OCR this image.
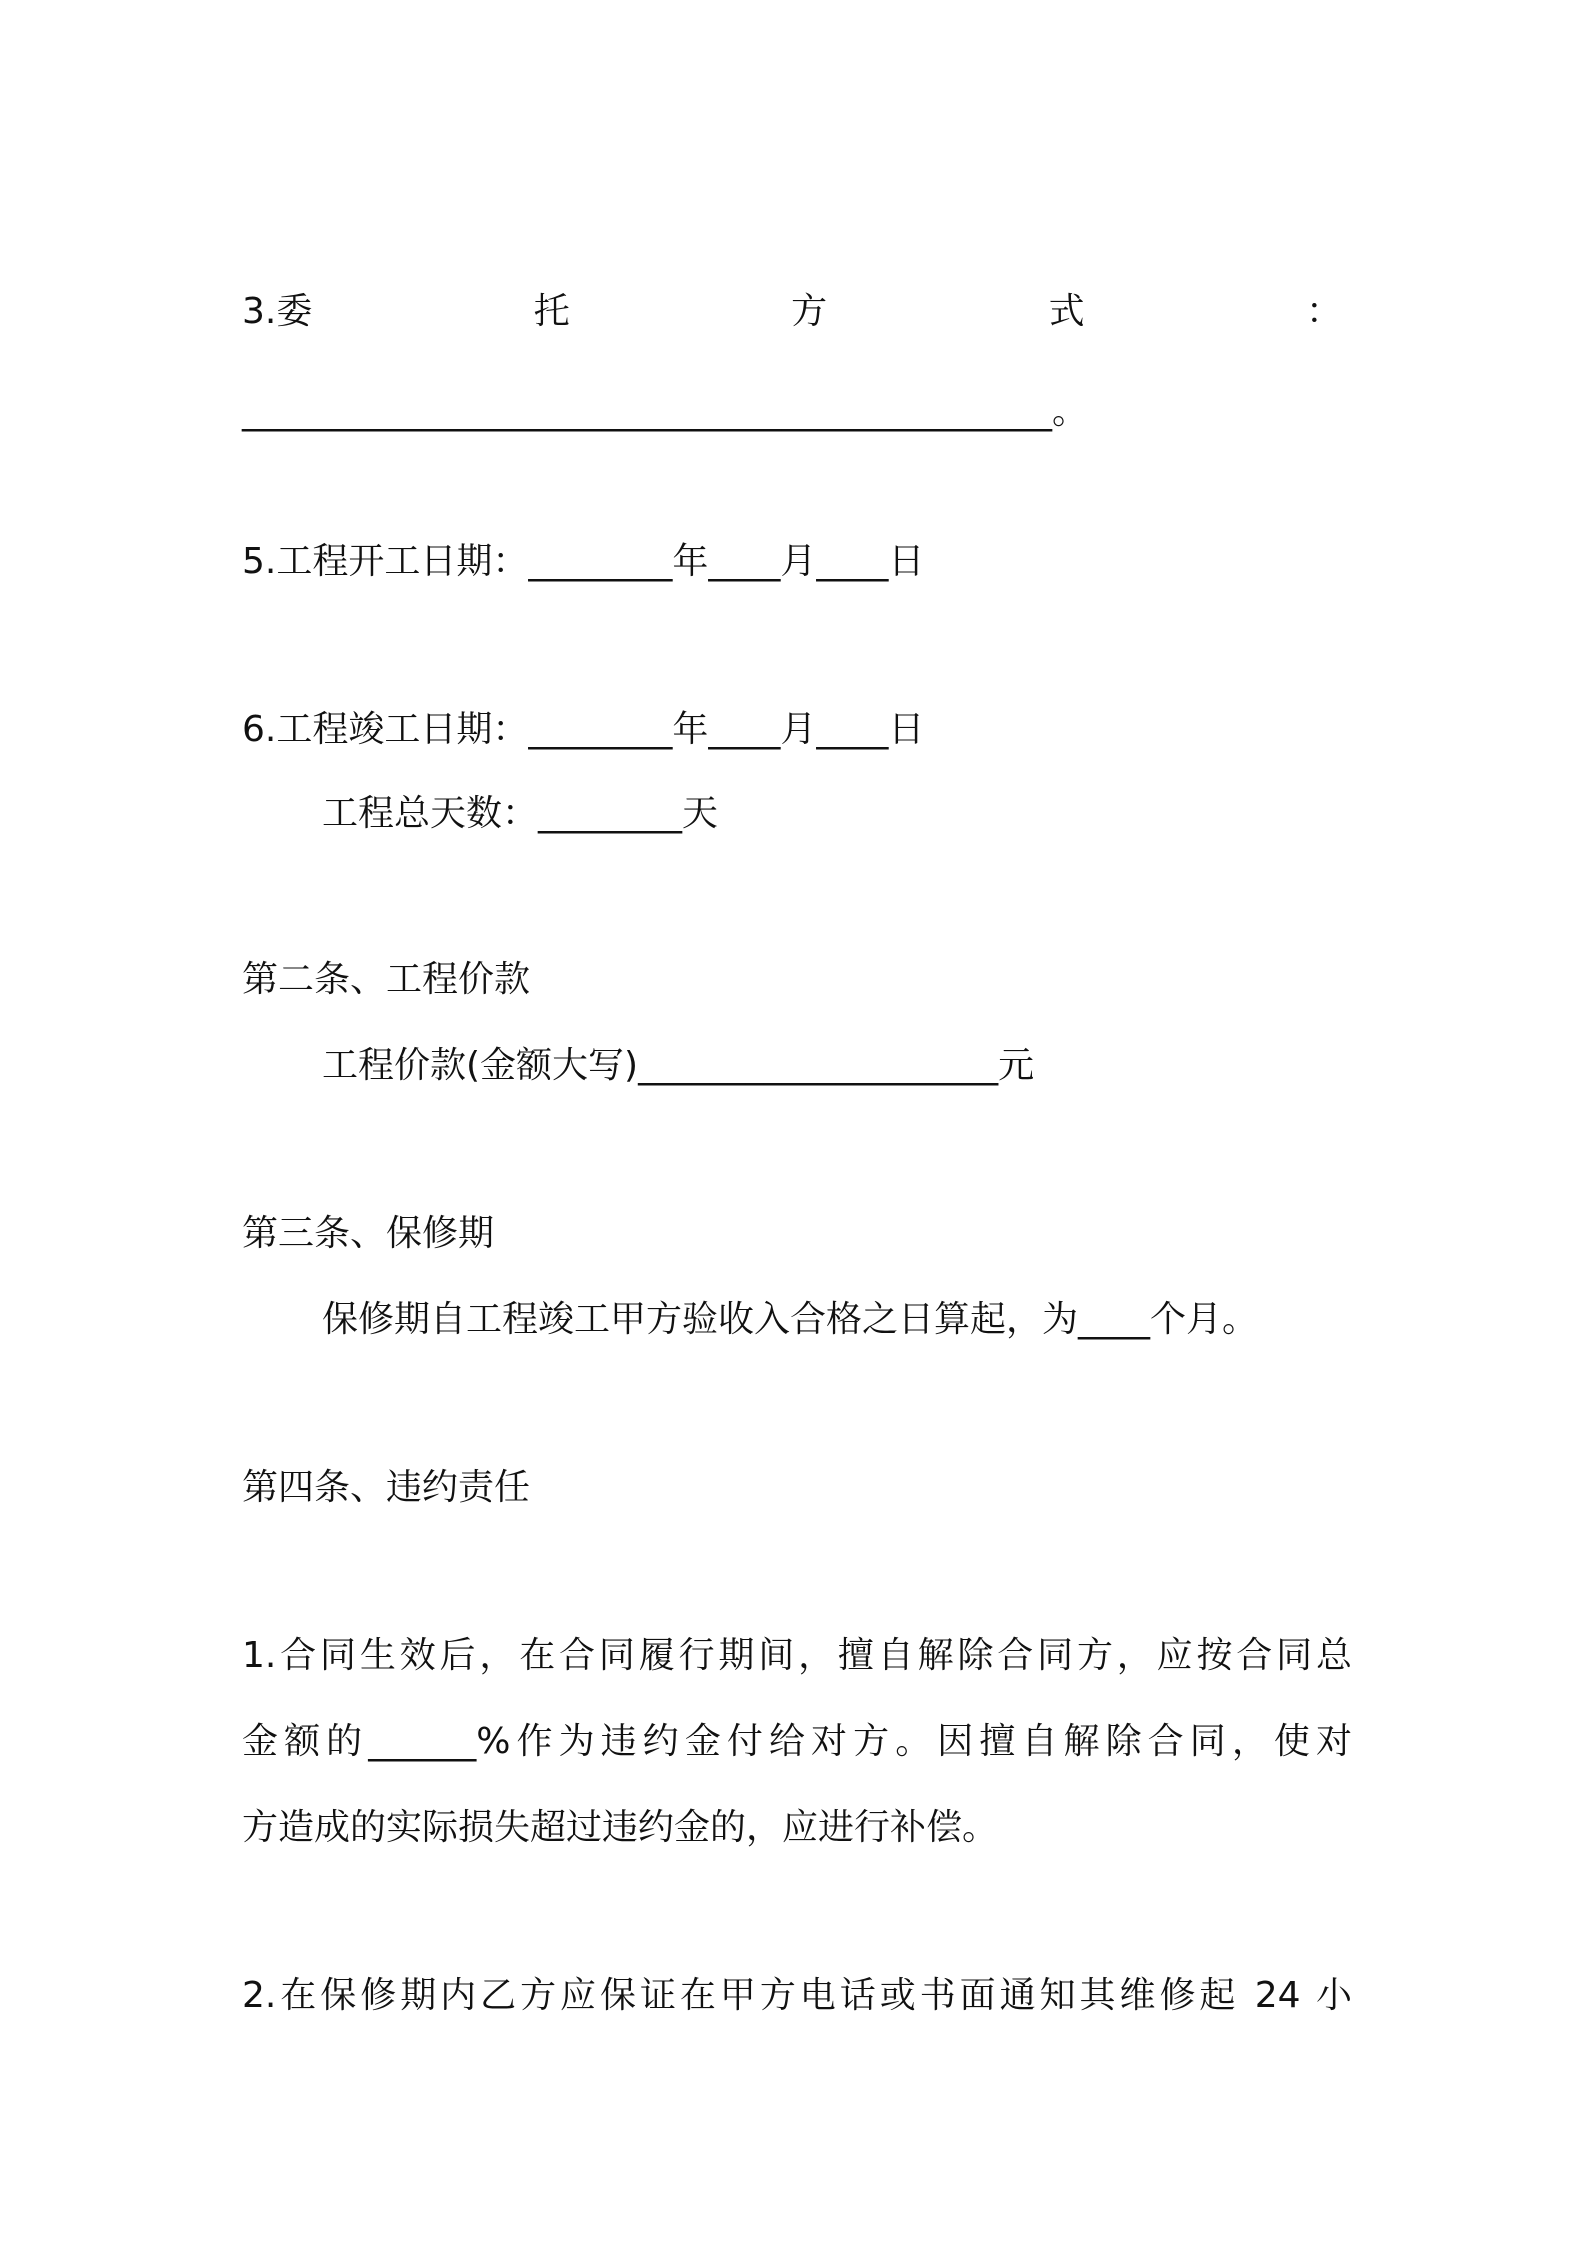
3.委	托	方	式	：
_____________________________________________。
5.工程开工日期：________年____月____日
6.工程竣工日期：________年____月____日
工程总天数：________天
第二条、工程价款
工程价款(金额大写)____________________元
第三条、保修期
保修期自工程竣工甲方验收入合格之日算起，为____个月。
第四条、违约责任
1.合同生效后，在合同履行期间，擅自解除合同方，应按合同总
金额的______%作为违约金付给对方。因擅自解除合同，使对
方造成的实际损失超过违约金的，应进行补偿。
2.在保修期内乙方应保证在甲方电话或书面通知其维修起 24 小
